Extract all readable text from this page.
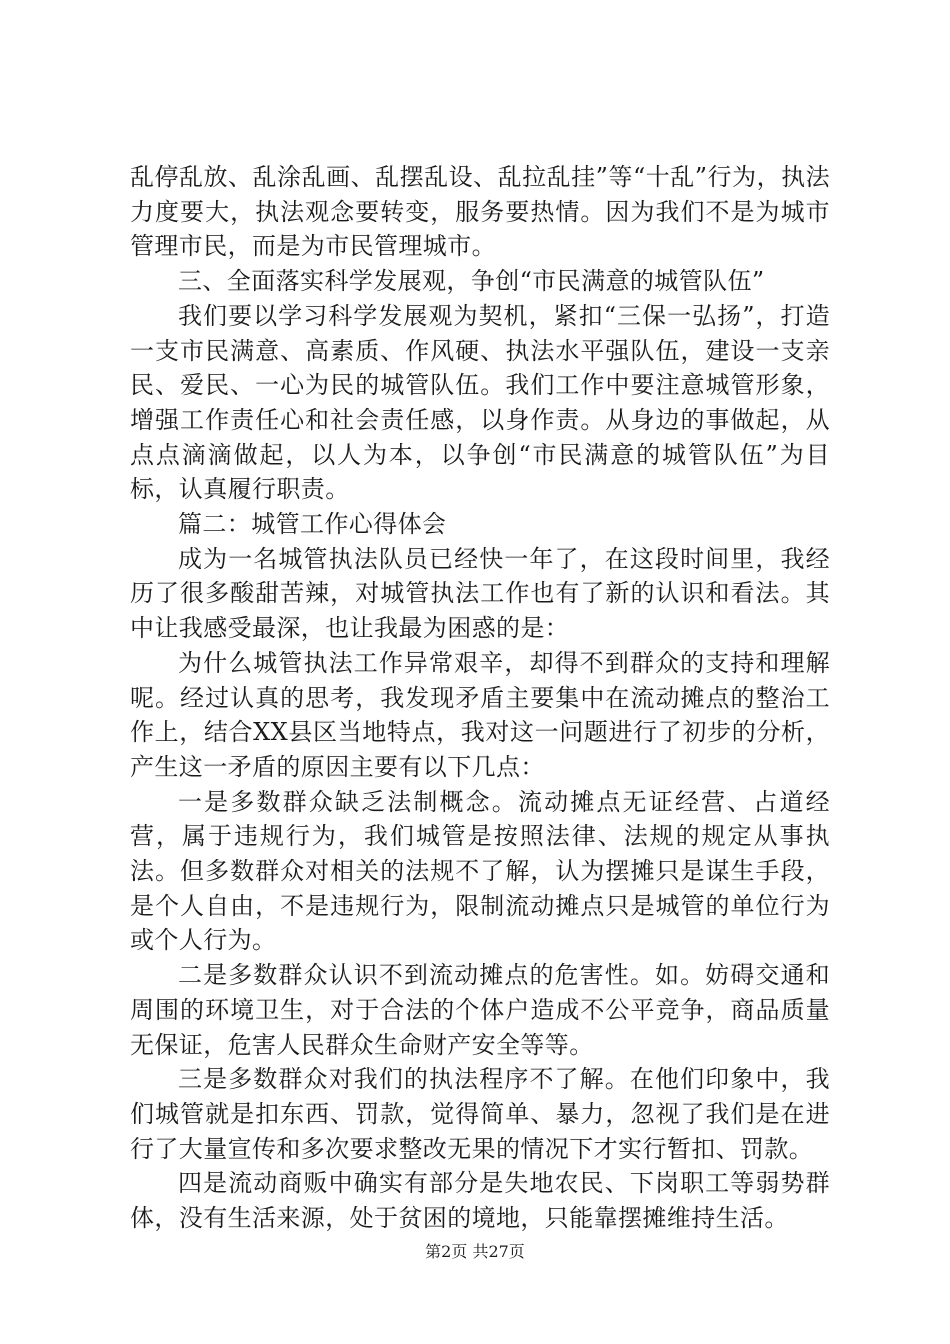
乱停乱放、乱涂乱画、乱摆乱设、乱拉乱挂”等“十乱”行为，执法力度要大，执法观念要转变，服务要热情。因为我们不是为城市管理市民，而是为市民管理城市。

三、全面落实科学发展观，争创“市民满意的城管队伍”

我们要以学习科学发展观为契机，紧扣“三保一弘扬”，打造一支市民满意、高素质、作风硬、执法水平强队伍，建设一支亲民、爱民、一心为民的城管队伍。我们工作中要注意城管形象，增强工作责任心和社会责任感，以身作责。从身边的事做起，从点点滴滴做起，以人为本，以争创“市民满意的城管队伍”为目标，认真履行职责。

篇二：城管工作心得体会

成为一名城管执法队员已经快一年了，在这段时间里，我经历了很多酸甜苦辣，对城管执法工作也有了新的认识和看法。其中让我感受最深，也让我最为困惑的是：

为什么城管执法工作异常艰辛，却得不到群众的支持和理解呢。经过认真的思考，我发现矛盾主要集中在流动摊点的整治工作上，结合XX县区当地特点，我对这一问题进行了初步的分析，产生这一矛盾的原因主要有以下几点：

一是多数群众缺乏法制概念。流动摊点无证经营、占道经营，属于违规行为，我们城管是按照法律、法规的规定从事执法。但多数群众对相关的法规不了解，认为摆摊只是谋生手段，是个人自由，不是违规行为，限制流动摊点只是城管的单位行为或个人行为。

二是多数群众认识不到流动摊点的危害性。如。妨碍交通和周围的环境卫生，对于合法的个体户造成不公平竞争，商品质量无保证，危害人民群众生命财产安全等等。

三是多数群众对我们的执法程序不了解。在他们印象中，我们城管就是扣东西、罚款，觉得简单、暴力，忽视了我们是在进行了大量宣传和多次要求整改无果的情况下才实行暂扣、罚款。

四是流动商贩中确实有部分是失地农民、下岗职工等弱势群体，没有生活来源，处于贫困的境地，只能靠摆摊维持生活。

第2页 共27页
